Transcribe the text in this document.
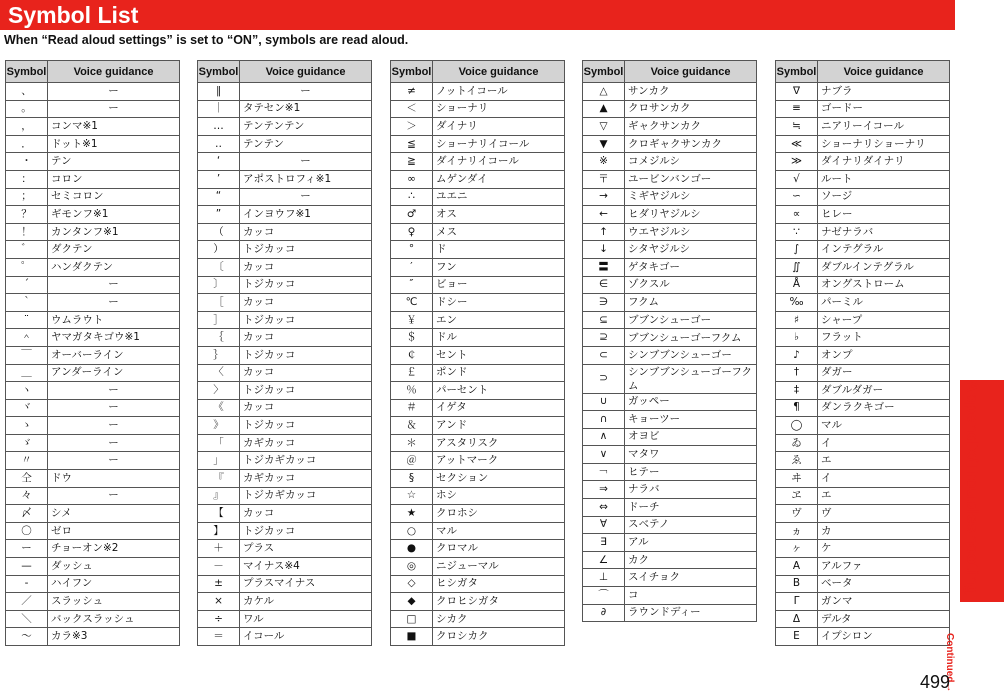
Symbol List
When “Read aloud settings” is set to “ON”, symbols are read aloud.
Symbol	Voice guidance
、	ー
。	ー
，	コンマ※1
．	ドット※1
・	テン
：	コロン
；	セミコロン
？	ギモンフ※1
！	カンタンフ※1
゛	ダクテン
゜	ハンダクテン
´	ー
｀	ー
¨	ウムラウト
＾	ヤマガタキゴウ※1
￣	オーバーライン
＿	アンダーライン
ヽ	ー
ヾ	ー
ゝ	ー
ゞ	ー
〃	ー
仝	ドウ
々	ー
〆	シメ
〇	ゼロ
ー	チョーオン※2
—	ダッシュ
‐	ハイフン
／	スラッシュ
＼	バックスラッシュ
～	カラ※3
Symbol	Voice guidance
∥	ー
｜	タテセン※1
…	テンテンテン
‥	テンテン
‘	ー
’	アポストロフィ※1
“	ー
”	インヨウフ※1
（	カッコ
）	トジカッコ
〔	カッコ
〕	トジカッコ
［	カッコ
］	トジカッコ
｛	カッコ
｝	トジカッコ
〈	カッコ
〉	トジカッコ
《	カッコ
》	トジカッコ
「	カギカッコ
」	トジカギカッコ
『	カギカッコ
』	トジカギカッコ
【	カッコ
】	トジカッコ
＋	プラス
－	マイナス※4
±	プラスマイナス
×	カケル
÷	ワル
＝	イコール
Symbol	Voice guidance
≠	ノットイコール
＜	ショーナリ
＞	ダイナリ
≦	ショーナリイコール
≧	ダイナリイコール
∞	ムゲンダイ
∴	ユエニ
♂	オス
♀	メス
°	ド
′	フン
″	ビョー
℃	ドシー
￥	エン
＄	ドル
￠	セント
￡	ポンド
％	パーセント
＃	イゲタ
＆	アンド
＊	アスタリスク
＠	アットマーク
§	セクション
☆	ホシ
★	クロホシ
○	マル
●	クロマル
◎	ニジューマル
◇	ヒシガタ
◆	クロヒシガタ
□	シカク
■	クロシカク
Symbol	Voice guidance
△	サンカク
▲	クロサンカク
▽	ギャクサンカク
▼	クロギャクサンカク
※	コメジルシ
〒	ユービンバンゴー
→	ミギヤジルシ
←	ヒダリヤジルシ
↑	ウエヤジルシ
↓	シタヤジルシ
〓	ゲタキゴー
∈	ゾクスル
∋	フクム
⊆	ブブンシューゴー
⊇	ブブンシューゴーフクム
⊂	シンブブンシューゴー
⊃	シンブブンシューゴーフクム
∪	ガッペー
∩	キョーツー
∧	オヨビ
∨	マタワ
￢	ヒテー
⇒	ナラバ
⇔	ドーチ
∀	スベテノ
∃	アル
∠	カク
⊥	スイチョク
⌒	コ
∂	ラウンドディー
Symbol	Voice guidance
∇	ナブラ
≡	ゴードー
≒	ニアリーイコール
≪	ショーナリショーナリ
≫	ダイナリダイナリ
√	ルート
∽	ソージ
∝	ヒレー
∵	ナゼナラバ
∫	インテグラル
∬	ダブルインテグラル
Å	オングストローム
‰	パーミル
♯	シャープ
♭	フラット
♪	オンプ
†	ダガー
‡	ダブルダガー
¶	ダンラクキゴー
◯	マル
ゐ	イ
ゑ	エ
ヰ	イ
ヱ	エ
ヴ	ヴ
ヵ	カ
ヶ	ケ
Α	アルファ
Β	ベータ
Γ	ガンマ
Δ	デルタ
Ε	イプシロン
Appendix/Troubleshooting
Continued→
499
